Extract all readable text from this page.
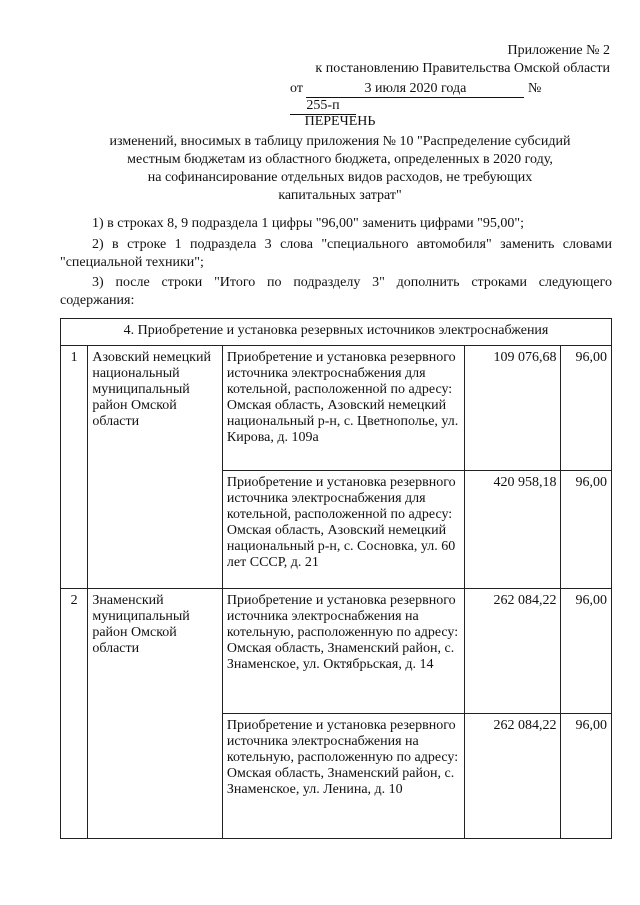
Приложение № 2
к постановлению Правительства Омской области
от	3 июля 2020 года	№ 255-п
ПЕРЕЧЕНЬ
изменений, вносимых в таблицу приложения № 10 "Распределение субсидий
местным бюджетам из областного бюджета, определенных в 2020 году,
на софинансирование отдельных видов расходов, не требующих
капитальных затрат"
1) в строках 8, 9 подраздела 1 цифры "96,00" заменить цифрами "95,00";
2) в строке 1 подраздела 3 слова "специального автомобиля" заменить словами "специальной техники";
3) после строки "Итого по подразделу 3" дополнить строками следующего содержания:
4. Приобретение и установка резервных источников электроснабжения				
1	Азовский немецкий национальный муниципальный район Омской области	Приобретение и установка резервного источника электроснабжения для котельной, расположенной по адресу: Омская область, Азовский немецкий национальный р-н, с. Цветнополье, ул. Кирова, д. 109а	109 076,68	96,00
		Приобретение и установка резервного источника электроснабжения для котельной, расположенной по адресу: Омская область, Азовский немецкий национальный р-н, с. Сосновка, ул. 60 лет СССР, д. 21	420 958,18	96,00
2	Знаменский муниципальный район Омской области	Приобретение и установка резервного источника электроснабжения на котельную, расположенную по адресу: Омская область, Знаменский район, с. Знаменское, ул. Октябрьская, д. 14	262 084,22	96,00
		Приобретение и установка резервного источника электроснабжения на котельную, расположенную по адресу: Омская область, Знаменский район, с. Знаменское, ул. Ленина, д. 10	262 084,22	96,00
